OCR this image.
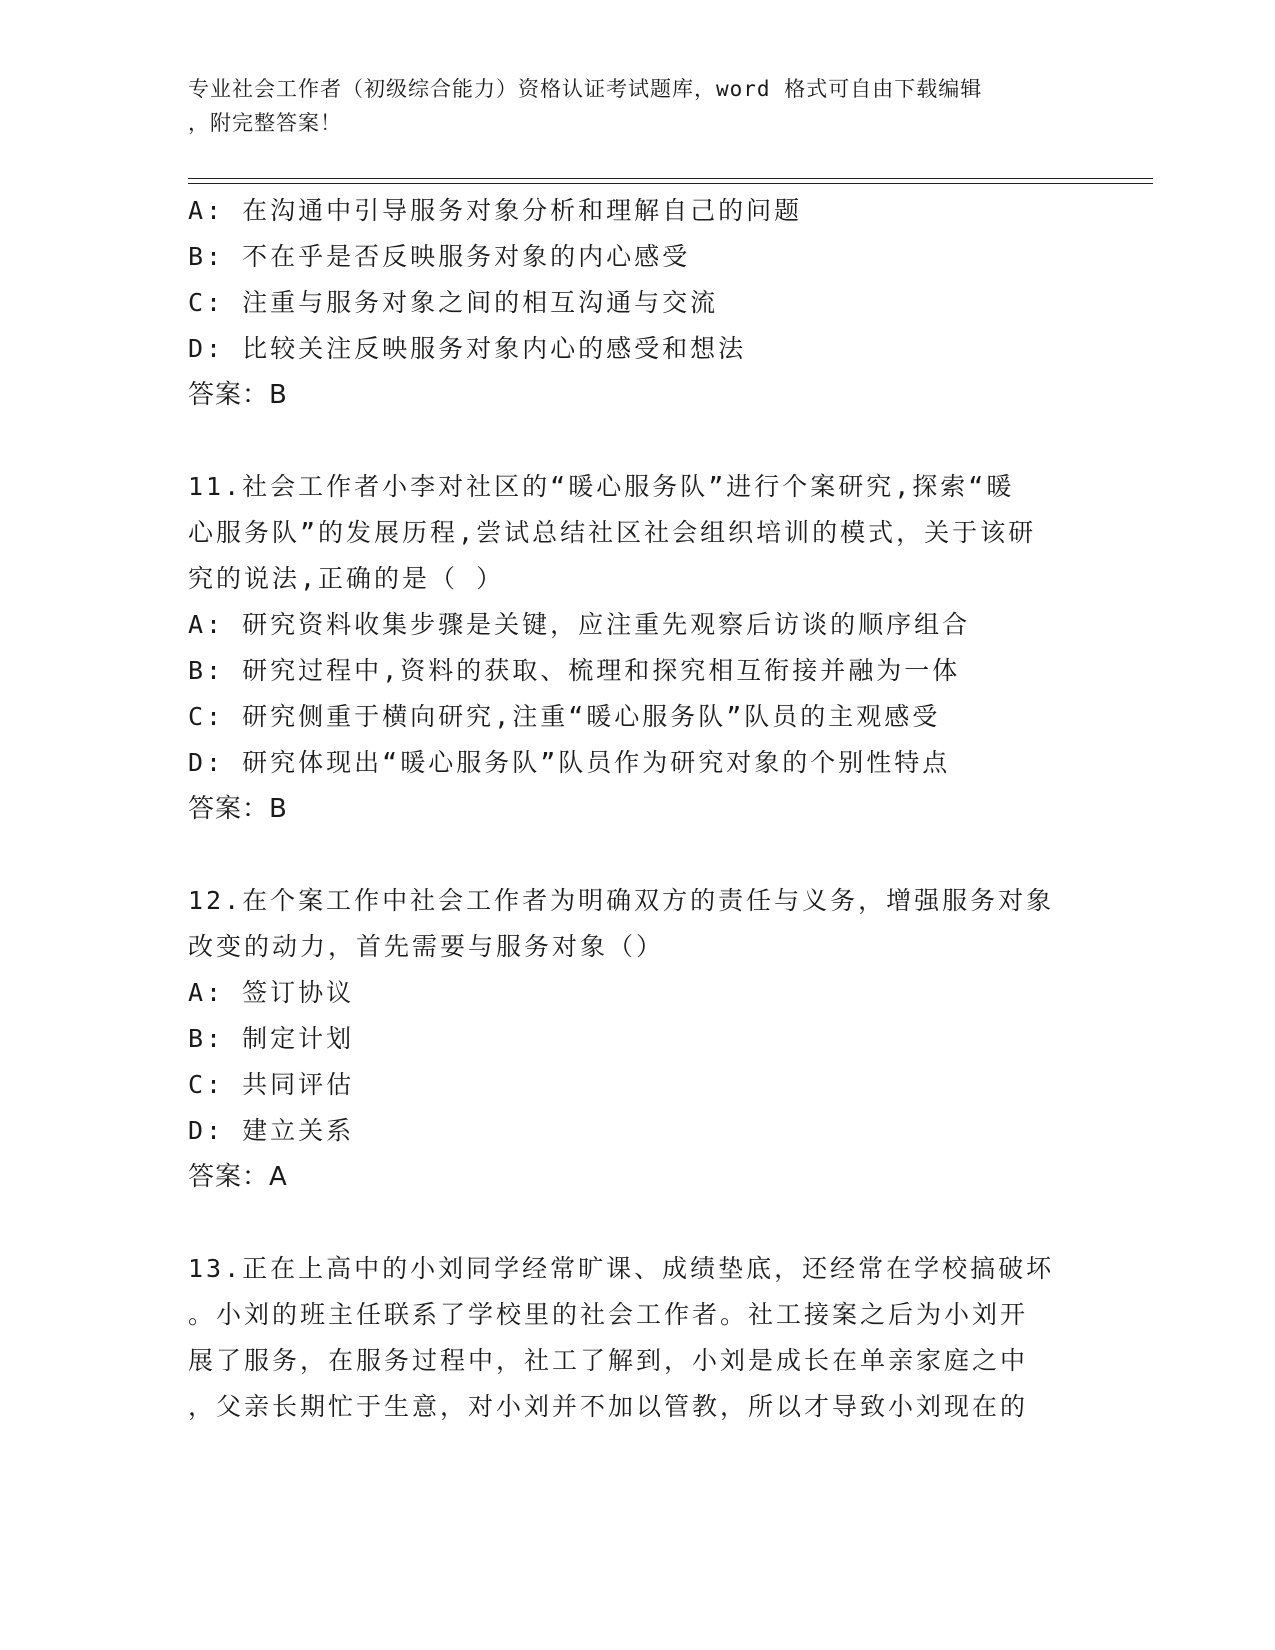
专业社会工作者（初级综合能力）资格认证考试题库，word 格式可自由下载编辑
，附完整答案！
A: 在沟通中引导服务对象分析和理解自己的问题
B: 不在乎是否反映服务对象的内心感受
C: 注重与服务对象之间的相互沟通与交流
D: 比较关注反映服务对象内心的感受和想法
答案：B
11.社会工作者小李对社区的“暖心服务队”进行个案研究,探索“暖
心服务队”的发展历程,尝试总结社区社会组织培训的模式，关于该研
究的说法,正确的是（ ）
A: 研究资料收集步骤是关键，应注重先观察后访谈的顺序组合
B: 研究过程中,资料的获取、梳理和探究相互衔接并融为一体
C: 研究侧重于横向研究,注重“暖心服务队”队员的主观感受
D: 研究体现出“暖心服务队”队员作为研究对象的个别性特点
答案：B
12.在个案工作中社会工作者为明确双方的责任与义务，增强服务对象
改变的动力，首先需要与服务对象（）
A: 签订协议
B: 制定计划
C: 共同评估
D: 建立关系
答案：A
13.正在上高中的小刘同学经常旷课、成绩垫底，还经常在学校搞破坏
。小刘的班主任联系了学校里的社会工作者。社工接案之后为小刘开
展了服务，在服务过程中，社工了解到，小刘是成长在单亲家庭之中
，父亲长期忙于生意，对小刘并不加以管教，所以才导致小刘现在的
